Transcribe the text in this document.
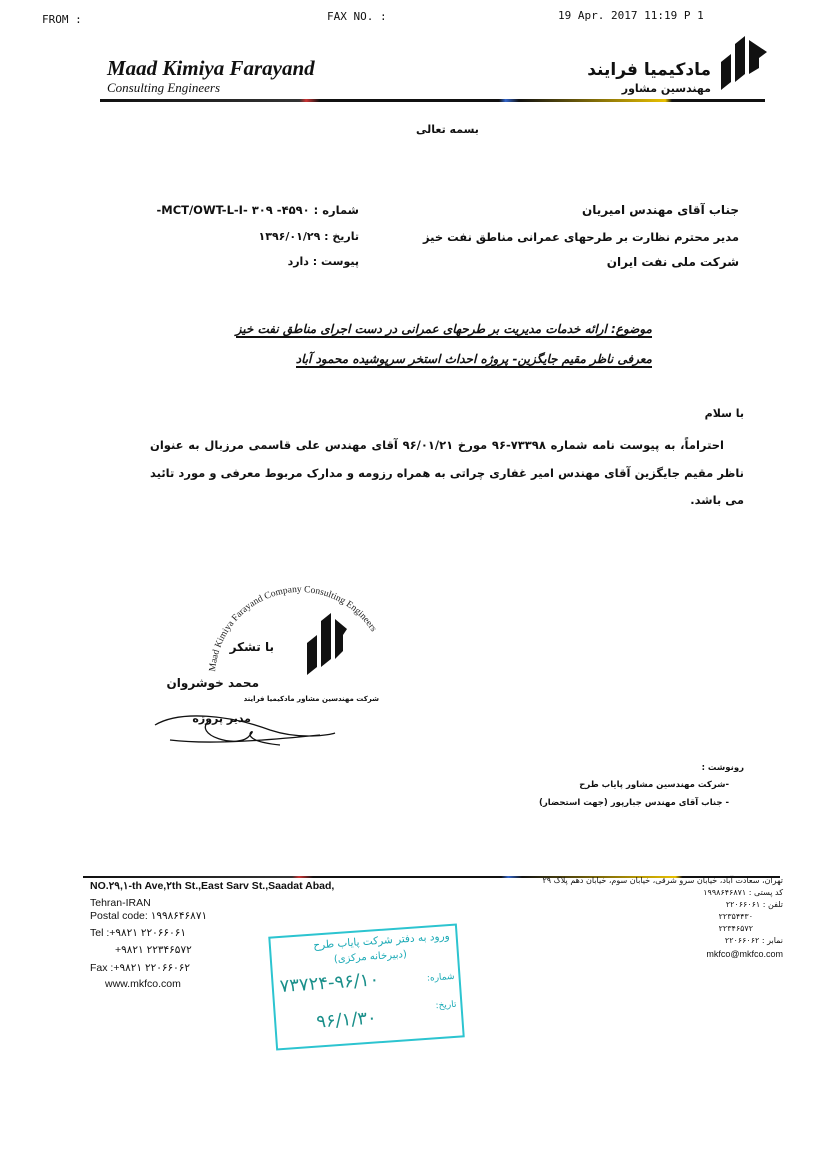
FROM :	FAX NO. :	19 Apr. 2017 11:19 P 1
Maad Kimiya Farayand
Consulting Engineers
مادکیمیا فرایند
مهندسین مشاور
بسمه تعالی
جناب آقای مهندس امیریان
مدیر محترم نظارت بر طرحهای عمرانی مناطق نفت خیز
شرکت ملی نفت ایران
شماره : ۴۵۹۰- MCT/OWT-L-I- ۳۰۹-
تاریخ : ۱۳۹۶/۰۱/۲۹
پیوست : دارد
موضوع: ارائه خدمات مدیریت بر طرحهای عمرانی در دست اجرای مناطق نفت خیز
معرفی ناظر مقیم جایگزین- پروژه احداث استخر سرپوشیده محمود آباد
با سلام
احتراماً، به پیوست نامه شماره ۷۳۳۹۸-۹۶ مورخ ۹۶/۰۱/۲۱ آقای مهندس علی قاسمی مرزبال به عنوان ناظر مقیم جایگزین آقای مهندس امیر غفاری چراتی به همراه رزومه و مدارک مربوط معرفی و مورد تائید می باشد.
Maad Kimiya Farayand Company Consulting Engineers
با تشکر
محمد خوشروان
شرکت مهندسین مشاور مادکیمیا فرایند
مدیر پروژه
رونوشت :
-شرکت مهندسین مشاور پایاب طرح
- جناب آقای مهندس جبارپور (جهت استحضار)
NO.۲۹,۱-th Ave,۲th St.,East Sarv St.,Saadat Abad,
Tehran-IRAN
Postal code: ۱۹۹۸۶۴۶۸۷۱
Tel :+۹۸۲۱ ۲۲۰۶۶۰۶۱
+۹۸۲۱ ۲۲۳۴۶۵۷۲
Fax :+۹۸۲۱ ۲۲۰۶۶۰۶۲
www.mkfco.com
تهران، سعادت آباد، خیابان سرو شرقی، خیابان سوم، خیابان دهم پلاک ۲۹
کد پستی : ۱۹۹۸۶۴۶۸۷۱
تلفن : ۲۲۰۶۶۰۶۱
۲۲۳۵۴۴۳۰
۲۲۳۴۶۵۷۲
نمابر : ۲۲۰۶۶۰۶۲
mkfco@mkfco.com
ورود به دفتر شرکت پایاب طرح
(دبیرخانه مرکزی)
شماره:
۷۳۷۲۴-۹۶/۱۰
تاریخ:
۹۶/۱/۳۰
